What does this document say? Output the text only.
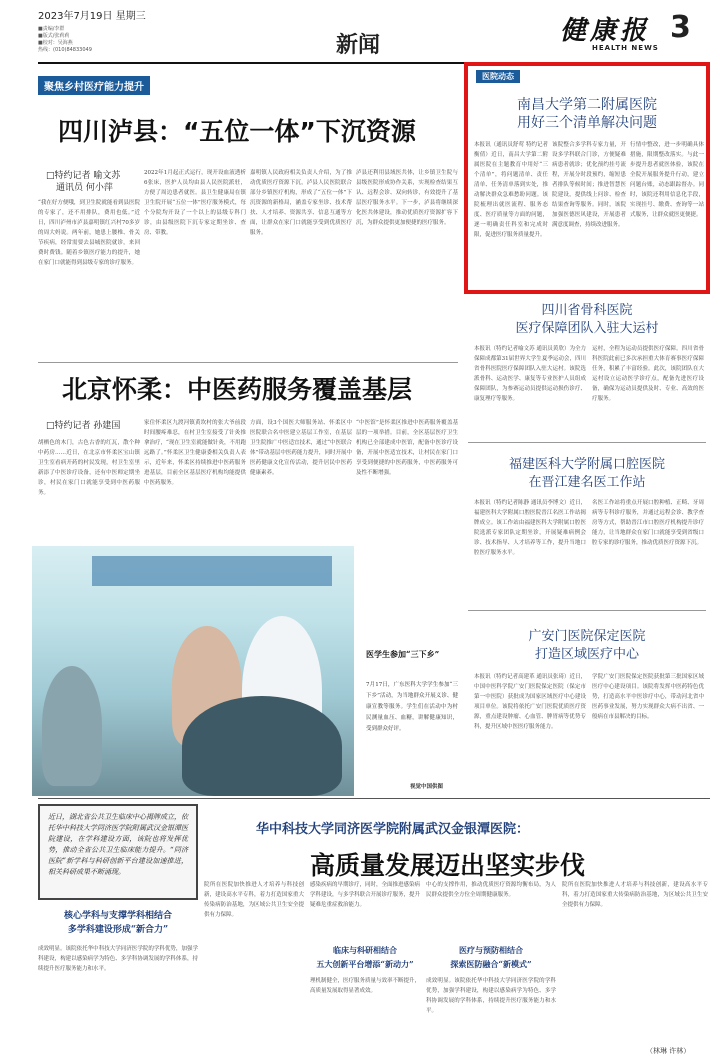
2023年7月19日 星期三
■责编/李群
■版式/张莉莉
■校对：吴海燕
热线：(010)84833049	新闻	健康报
HEALTH NEWS
3
聚焦乡村医疗能力提升
四川泸县：“五位一体”下沉资源
□特约记者 喻文苏
通讯员 何小萍
“我在好方便哦，到卫生院就能看到县医院的专家了，还不用排队，费用也低。”近日，四川泸州市泸县嘉明镇红兴村70多岁的周大妈说。两年前，她患上腰椎、骨关节疾病，经常需要去县城医院就诊，来回费时费钱。随着乡镇医疗能力的提升，她在家门口就能得到县级专家的诊疗服务。
2022年1月起正式运行，现开设血液透析6张床，医护人员均由县人民医院派驻，方便了周边患者就医。县卫生健康局在镇卫生院开展“五位一体”医疗服务模式，每个分院均开设了一个以上的县级专科门诊，由县级医院下沉专家定期坐诊、查房、带教。
嘉明镇人民政府相关负责人介绍，为了推动优质医疗资源下沉，泸县人民医院联合部分乡镇医疗机构，形成了“五位一体”下沉资源的新格局，涵盖专家坐诊、技术帮扶、人才培养、资源共享、信息互通等方面，让群众在家门口就能享受到优质医疗服务。
泸县还利用县域医共体，让乡镇卫生院与县级医院形成协作关系，实现检查结果互认、远程会诊、双向转诊，有效提升了基层医疗服务水平。下一步，泸县将继续深化医共体建设，推动优质医疗资源扩容下沉，为群众提供更加便捷的医疗服务。
北京怀柔：中医药服务覆盖基层
□特约记者 孙建国
胡栖色的木门，古色古香的红瓦，散个种中药房……近日，在北京市怀柔区宝山镇卫生室看病开药的村民发现，村卫生室里新添了中医诊疗设备，还有中医师定期坐诊，村民在家门口就能享受到中医药服务。
家住怀柔区九渡河镇黄坎村的张大爷前段时间腰疼难忍，在村卫生室接受了针灸推拿治疗，“现在卫生室就能做针灸，不用跑远路了。”怀柔区卫生健康委相关负责人表示，近年来，怀柔区持续推进中医药服务进基层，目前全区基层医疗机构均能提供中医药服务。
方面，设3个国医大师服务站、怀柔区中医院联合名中医建立基层工作室，在基层卫生院推广中医适宜技术，通过“中医联合体”带动基层中医药能力提升，同时开展中医药健康文化宣传活动，提升居民中医药健康素养。
“中医馆”是怀柔区推进中医药服务覆盖基层的一项举措。目前，全区基层医疗卫生机构已全部建成中医馆，配备中医诊疗设备，开展中医适宜技术，让村民在家门口享受到便捷的中医药服务，中医药服务可及性不断增强。
医学生参加“三下乡”
7月17日，广东医科大学学生参加“三下乡”活动，为当地群众开展义诊、健康宣教等服务。学生们在活动中为村民测量血压、血糖，讲解健康知识，受到群众好评。
视觉中国供图
医院动态
南昌大学第二附属医院
用好三个清单解决问题
本报讯（通讯员舒莺 特约记者衡倩）近日，南昌大学第二附属医院在主题教育中用好“三个清单”，将问题清单、责任清单、任务清单落到实处，推动解决群众急难愁盼问题。该院梳理出就医流程、服务态度、医疗质量等方面的问题，逐一明确责任科室和完成时限，促进医疗服务质量提升。
该院整合多学科专家力量，开设多学科联合门诊，方便疑难病患者就诊；优化预约挂号流程，开展分时段预约，缩短患者排队等候时间；推进智慧医院建设，提供线上问诊、检查结果查询等服务。同时，该院加强医德医风建设，开展患者满意度调查，持续改进服务。
行情中整改，进一步明确具体措施，限期整改落实。与此一步提升患者就医体验，该院在全院开展服务提升行动，建立问题台账，动态跟踪督办。同时，该院还利用信息化手段，实现挂号、缴费、查询等一站式服务，让群众就医更便捷。
四川省骨科医院
医疗保障团队入驻大运村
本报讯（特约记者喻文苏 通讯员黄欣）为全力保障成都第31届世界大学生夏季运动会，四川省骨科医院医疗保障团队入驻大运村。该院选派骨科、运动医学、康复等专业医护人员组成保障团队，为参赛运动员提供运动损伤诊疗、康复理疗等服务。
运村，全程为运动员提供医疗保障。四川省骨科医院此前已多次承担重大体育赛事医疗保障任务，积累了丰富经验。此次，该院团队在大运村设立运动医学诊疗点，配备先进医疗设备，确保为运动员提供及时、专业、高效的医疗服务。
福建医科大学附属口腔医院
在晋江建名医工作站
本报讯（特约记者陈静 通讯员李博文）近日，福建医科大学附属口腔医院晋江名医工作站揭牌成立。该工作站由福建医科大学附属口腔医院选派专家团队定期坐诊，开展疑难病例会诊、技术指导、人才培养等工作，提升当地口腔医疗服务水平。
名医工作站将重点开展口腔种植、正畸、牙周病等专科诊疗服务，并通过远程会诊、教学查房等方式，帮助晋江市口腔医疗机构提升诊疗能力，让当地群众在家门口就能享受到省级口腔专家的诊疗服务，推动优质医疗资源下沉。
广安门医院保定医院
打造区域医疗中心
本报讯（特约记者高建革 通讯员张琦）近日，中国中医科学院广安门医院保定医院（保定市第一中医院）获批成为国家区域医疗中心建设项目单位。该院将依托广安门医院优质医疗资源，重点建设肿瘤、心血管、脾胃病等优势专科，提升区域中医医疗服务能力。
学院广安门医院保定医院获批第三批国家区域医疗中心建设项目。该院将发挥中医药特色优势，打造高水平中医诊疗中心，带动河北省中医药事业发展，努力实现群众大病不出省、一般病在市县解决的目标。
近日，湖北省公共卫生临床中心揭牌成立，依托华中科技大学同济医学院附属武汉金银潭医院建设，在学科建设方面，该院也将发挥优势，推动全省公共卫生临床能力提升。“同济医院”新学科与科研创新平台建设加速推进，相关科研成果不断涌现。
华中科技大学同济医学院附属武汉金银潭医院：
高质量发展迈出坚实步伐
核心学科与支撑学科相结合
多学科建设形成“新合力”
成效明显。该院依托华中科技大学同济医学院的学科优势，加强学科建设，构建以感染病学为特色、多学科协调发展的学科体系，持续提升医疗服务能力和水平。
院所在医院加快推进人才培养与科技创新，建设高水平专科，着力打造国家重大传染病防治基地，为区域公共卫生安全提供有力保障。
感染疾病的早期诊疗，同时，全面推进感染病学科建设，与多学科联合开展诊疗服务，提升疑难危重症救治能力。
临床与科研相结合
五大创新平台增添“新动力”
理机制健全，医疗服务质量与效率不断提升，高质量发展取得显著成效。
中心的支撑作用，推动优质医疗资源均衡布局，为人民群众提供全方位全周期健康服务。
医疗与预防相结合
探索医防融合“新模式”
成效明显。该院依托华中科技大学同济医学院的学科优势，加强学科建设，构建以感染病学为特色、多学科协调发展的学科体系，持续提升医疗服务能力和水平。
院所在医院加快推进人才培养与科技创新，建设高水平专科，着力打造国家重大传染病防治基地，为区域公共卫生安全提供有力保障。
（林琳 许林）
